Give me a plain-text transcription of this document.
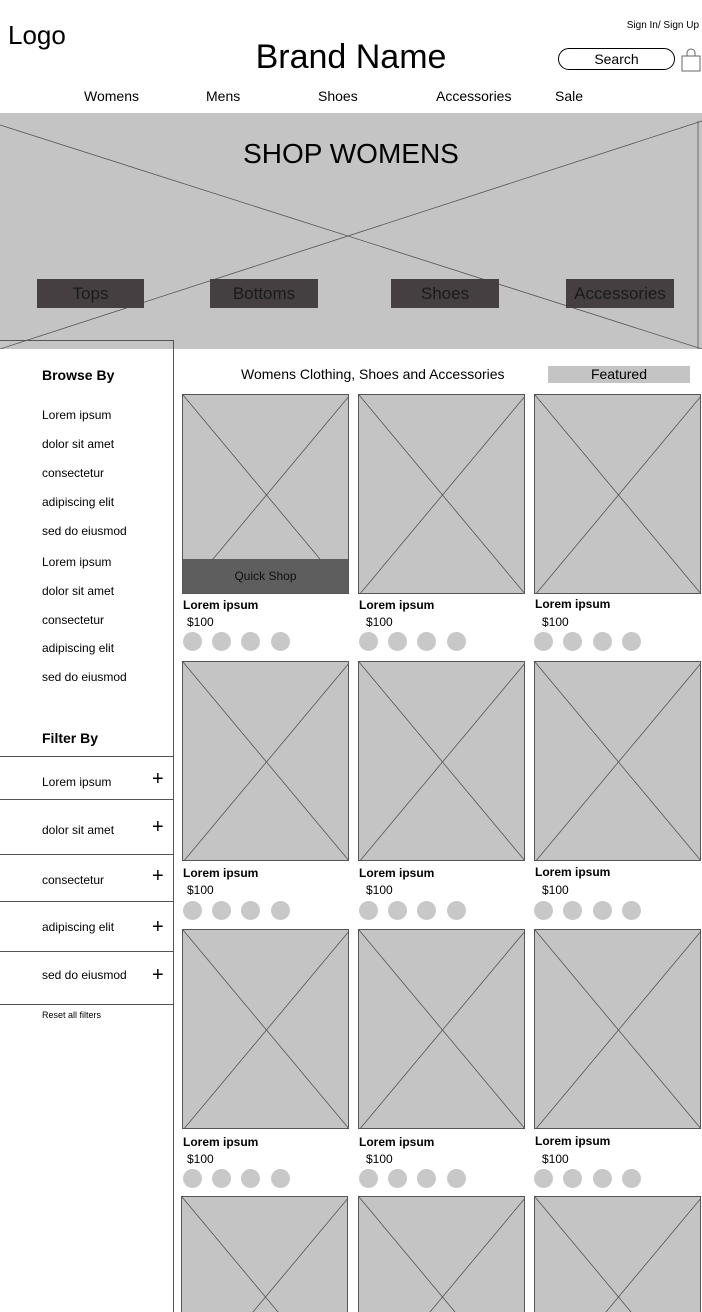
Logo
Brand Name
Sign In/ Sign Up
Search
Womens	Mens	Shoes	Accessories	Sale
SHOP WOMENS
Tops	Bottoms	Shoes	Accessories
Browse By
Lorem ipsum
dolor sit amet
consectetur
adipiscing elit
sed do eiusmod
Lorem ipsum
dolor sit amet
consectetur
adipiscing elit
sed do eiusmod
Filter By
Lorem ipsum +
dolor sit amet +
consectetur +
adipiscing elit +
sed do eiusmod +
Reset all filters
Womens Clothing, Shoes and Accessories	Featured
Quick Shop
Lorem ipsum
$100
Lorem ipsum
$100
Lorem ipsum
$100
Lorem ipsum
$100
Lorem ipsum
$100
Lorem ipsum
$100
Lorem ipsum
$100
Lorem ipsum
$100
Lorem ipsum
$100
